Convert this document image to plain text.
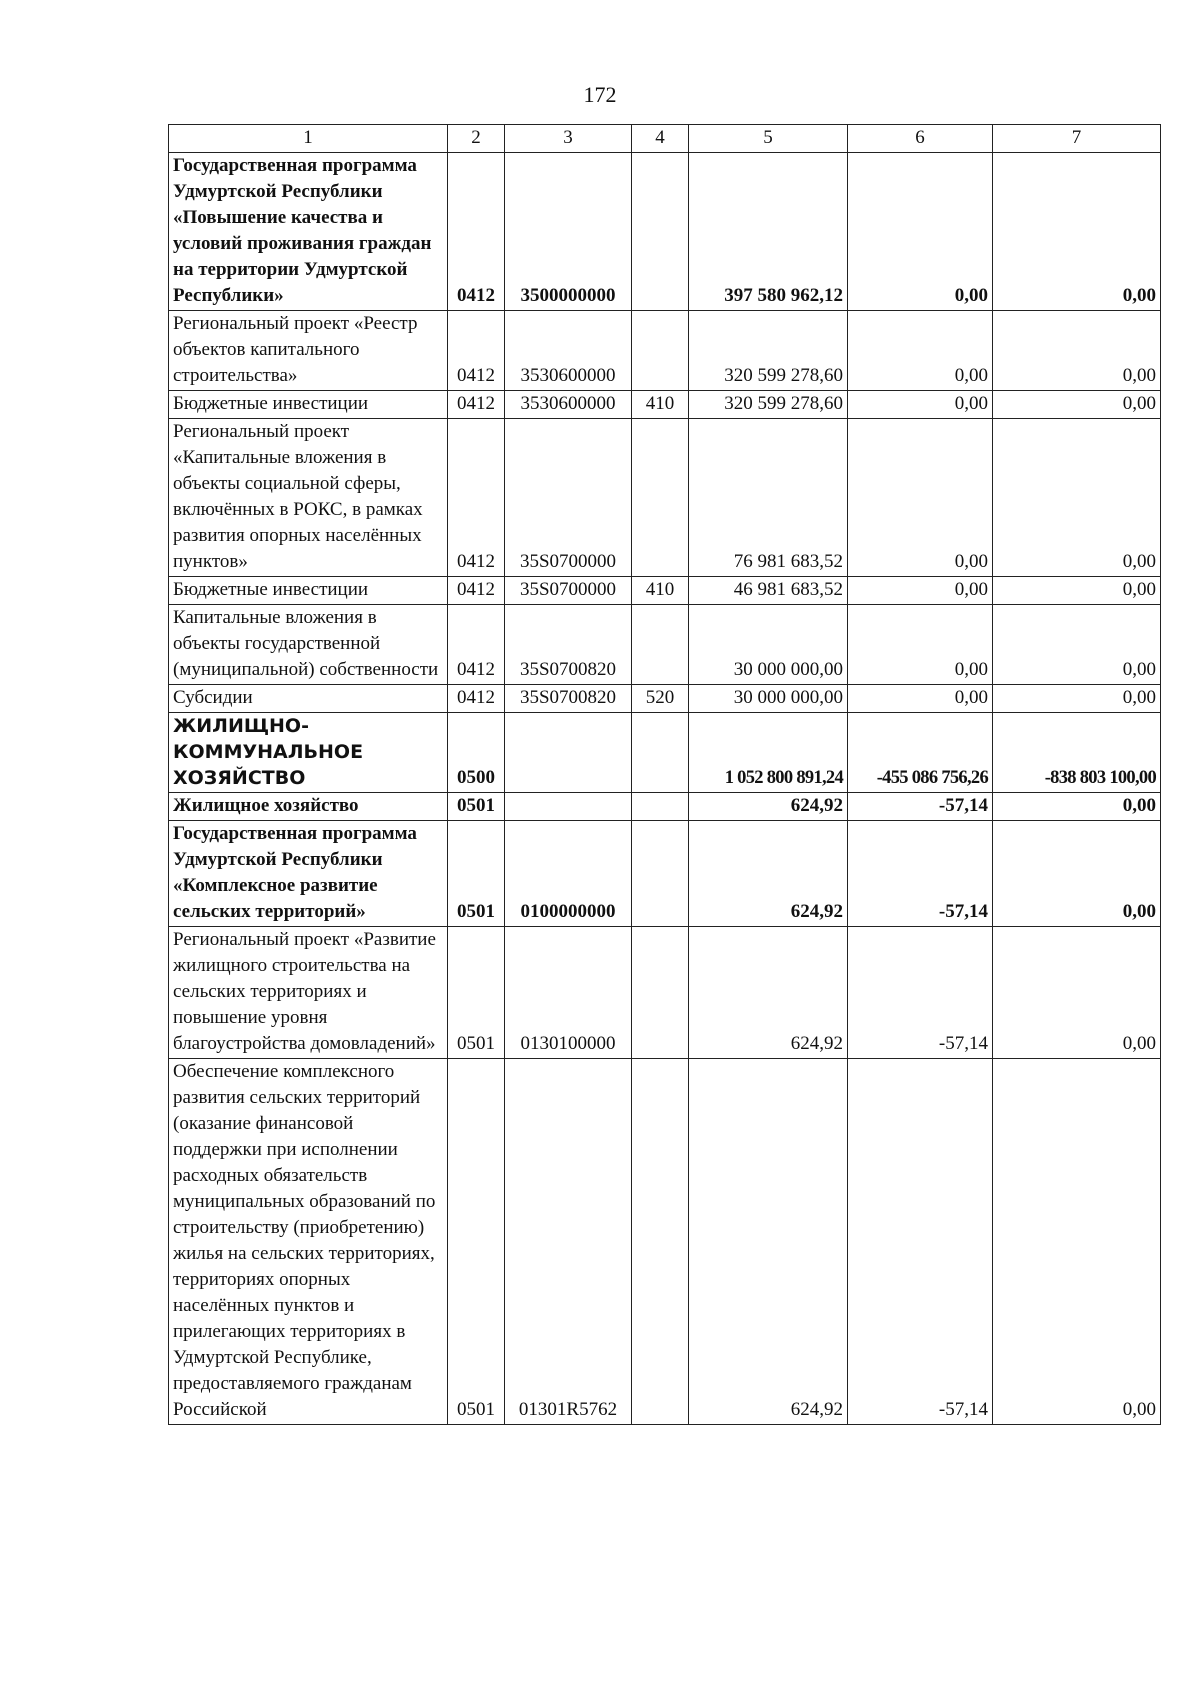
172
1	2	3	4	5	6	7
Государственная программа Удмуртской Республики «Повышение качества и условий проживания граждан на территории Удмуртской Республики»	0412	3500000000		397 580 962,12	0,00	0,00
Региональный проект «Реестр объектов капитального строительства»	0412	3530600000		320 599 278,60	0,00	0,00
Бюджетные инвестиции	0412	3530600000	410	320 599 278,60	0,00	0,00
Региональный проект «Капитальные вложения в объекты социальной сферы, включённых в РОКС, в рамках развития опорных населённых пунктов»	0412	35S0700000		76 981 683,52	0,00	0,00
Бюджетные инвестиции	0412	35S0700000	410	46 981 683,52	0,00	0,00
Капитальные вложения в объекты государственной (муниципальной) собственности	0412	35S0700820		30 000 000,00	0,00	0,00
Субсидии	0412	35S0700820	520	30 000 000,00	0,00	0,00
ЖИЛИЩНО-КОММУНАЛЬНОЕ ХОЗЯЙСТВО	0500			1 052 800 891,24	-455 086 756,26	-838 803 100,00
Жилищное хозяйство	0501			624,92	-57,14	0,00
Государственная программа Удмуртской Республики «Комплексное развитие сельских территорий»	0501	0100000000		624,92	-57,14	0,00
Региональный проект «Развитие жилищного строительства на сельских территориях и повышение уровня благоустройства домовладений»	0501	0130100000		624,92	-57,14	0,00
Обеспечение комплексного развития сельских территорий (оказание финансовой поддержки при исполнении расходных обязательств муниципальных образований по строительству (приобретению) жилья на сельских территориях, территориях опорных населённых пунктов и прилегающих территориях в Удмуртской Республике, предоставляемого гражданам Российской	0501	01301R5762		624,92	-57,14	0,00
